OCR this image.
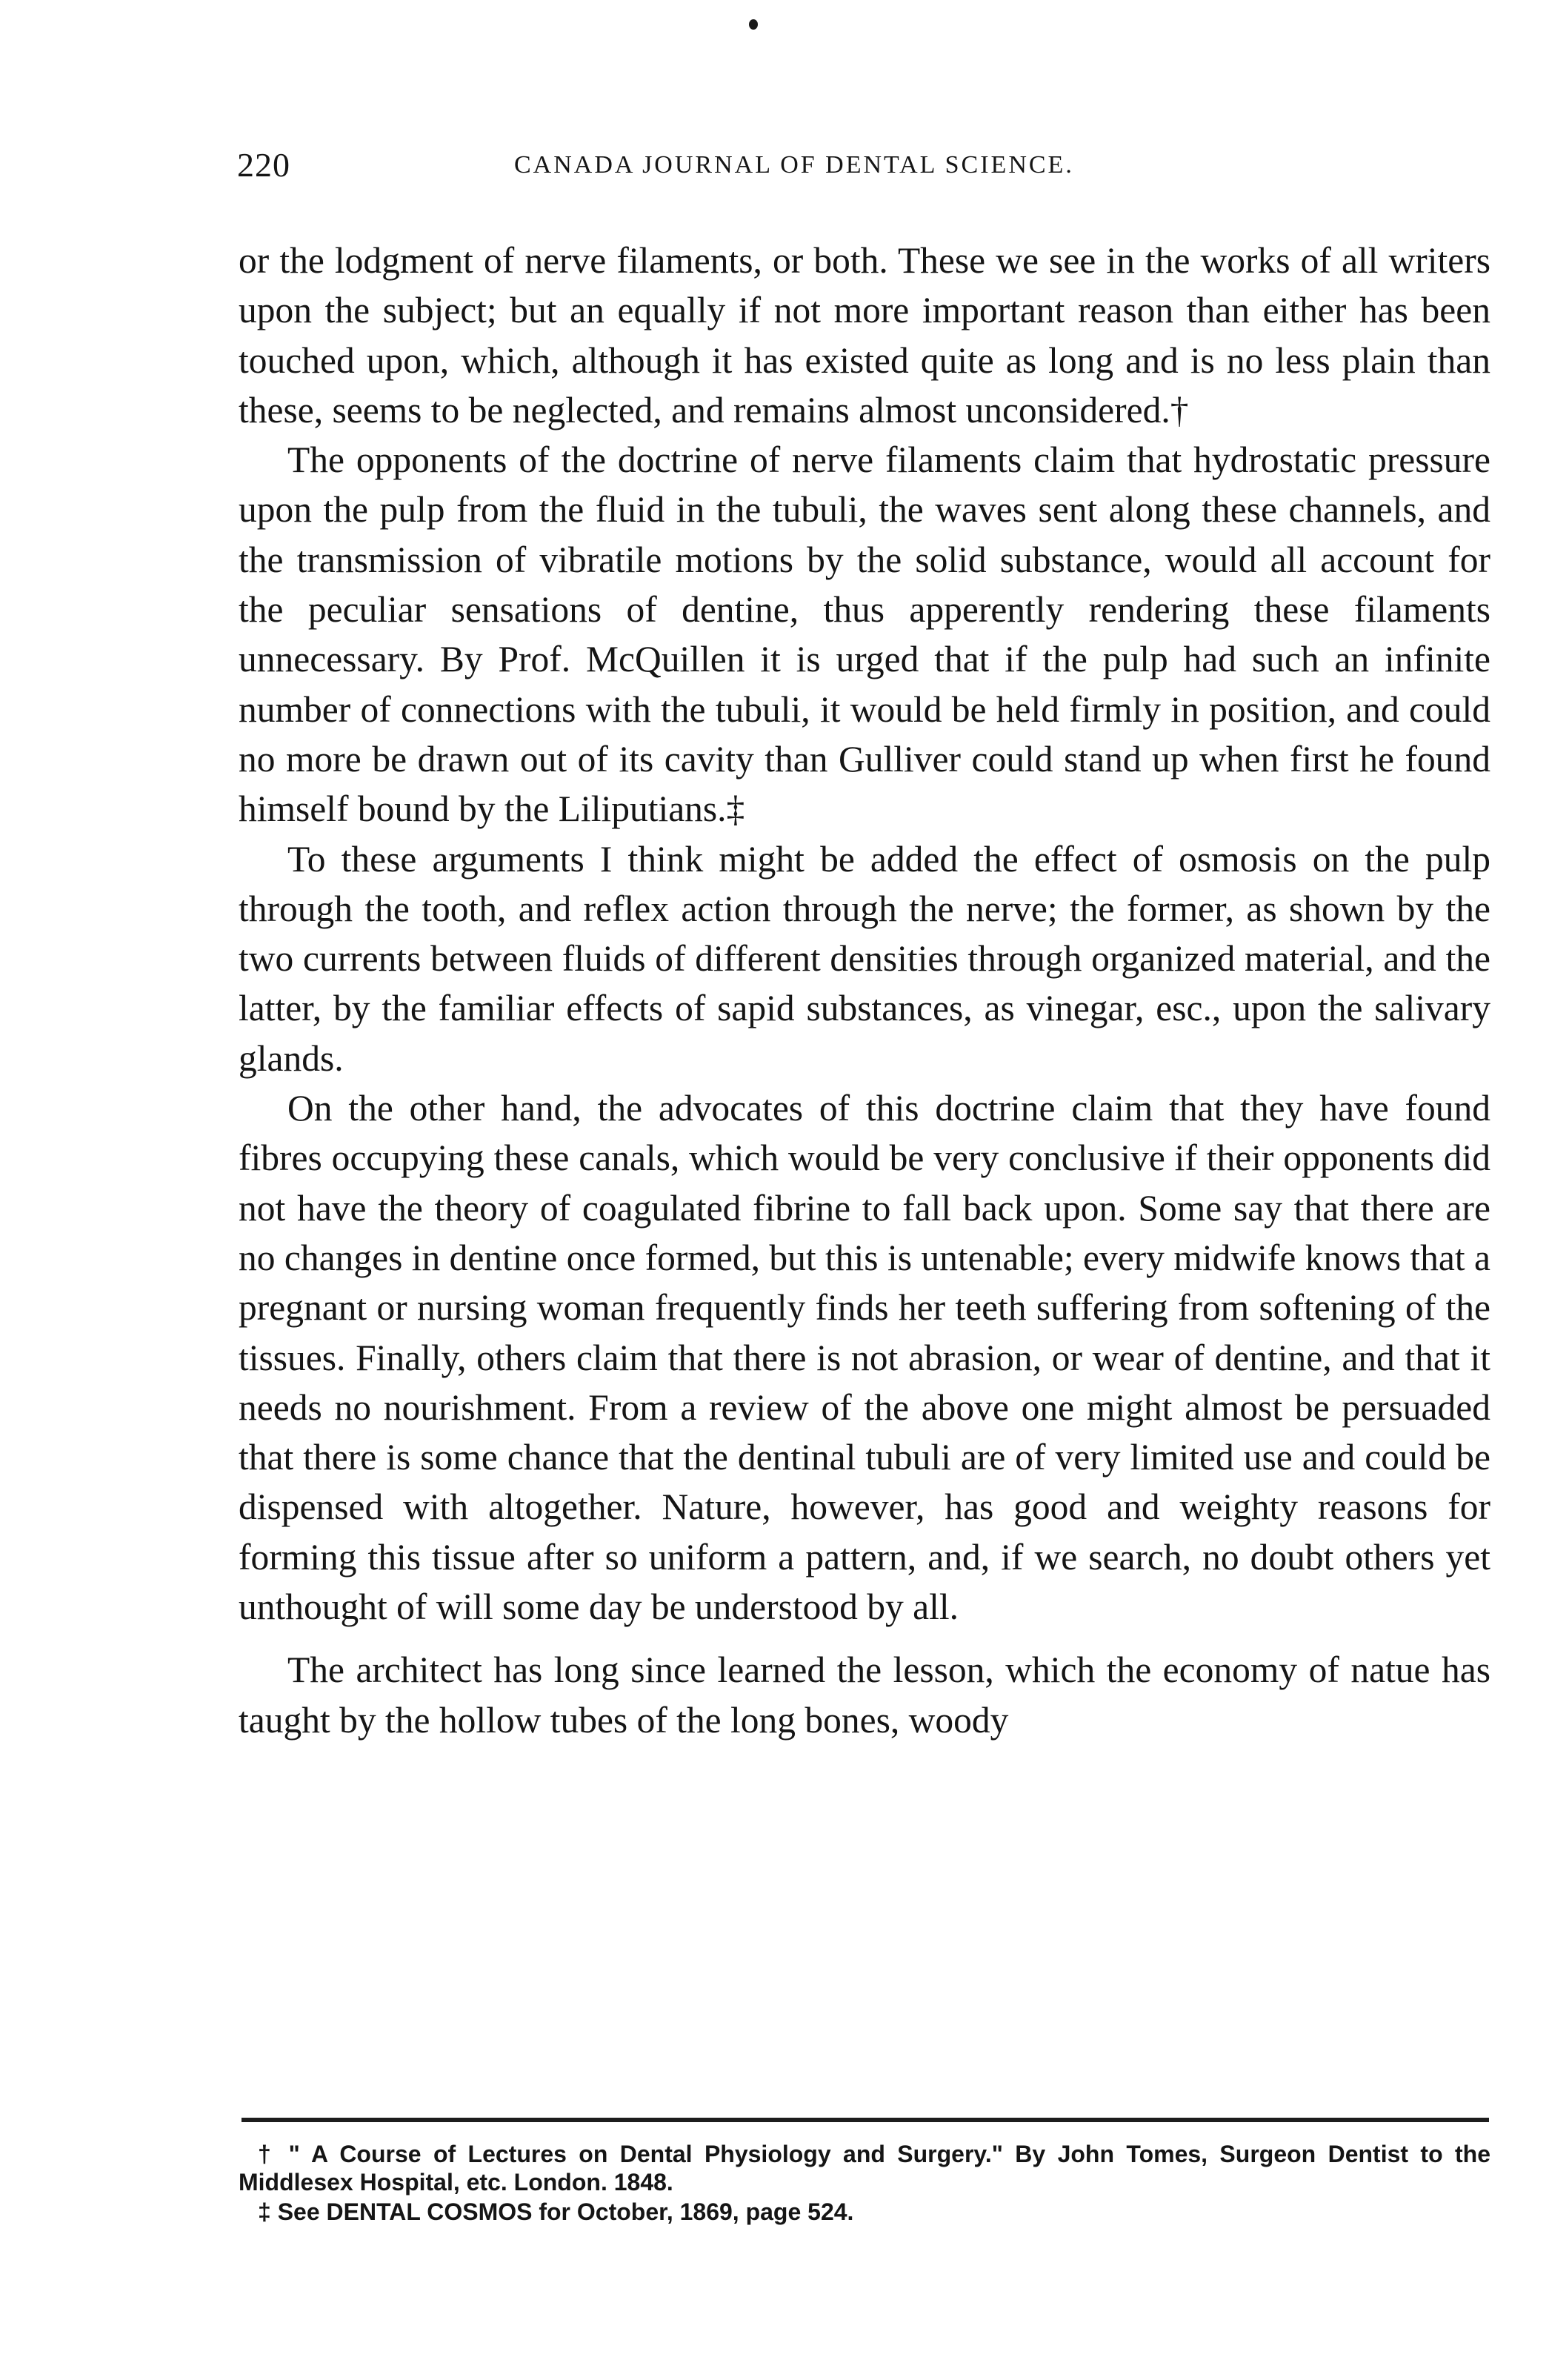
220	CANADA JOURNAL OF DENTAL SCIENCE.

or the lodgment of nerve filaments, or both. These we see in the works of all writers upon the subject; but an equally if not more important reason than either has been touched upon, which, although it has existed quite as long and is no less plain than these, seems to be neglected, and remains almost unconsidered.†

The opponents of the doctrine of nerve filaments claim that hydrostatic pressure upon the pulp from the fluid in the tubuli, the waves sent along these channels, and the transmission of vibratile motions by the solid substance, would all account for the peculiar sensations of dentine, thus apperently rendering these filaments unnecessary. By Prof. McQuillen it is urged that if the pulp had such an infinite number of connections with the tubuli, it would be held firmly in position, and could no more be drawn out of its cavity than Gulliver could stand up when first he found himself bound by the Liliputians.‡

To these arguments I think might be added the effect of osmosis on the pulp through the tooth, and reflex action through the nerve; the former, as shown by the two currents between fluids of different densities through organized material, and the latter, by the familiar effects of sapid substances, as vinegar, esc., upon the salivary glands.

On the other hand, the advocates of this doctrine claim that they have found fibres occupying these canals, which would be very conclusive if their opponents did not have the theory of coagulated fibrine to fall back upon. Some say that there are no changes in dentine once formed, but this is untenable; every midwife knows that a pregnant or nursing woman frequently finds her teeth suffering from softening of the tissues. Finally, others claim that there is not abrasion, or wear of dentine, and that it needs no nourishment. From a review of the above one might almost be persuaded that there is some chance that the dentinal tubuli are of very limited use and could be dispensed with altogether. Nature, however, has good and weighty reasons for forming this tissue after so uniform a pattern, and, if we search, no doubt others yet unthought of will some day be understood by all.

The architect has long since learned the lesson, which the economy of natue has taught by the hollow tubes of the long bones, woody

† " A Course of Lectures on Dental Physiology and Surgery." By John Tomes, Surgeon Dentist to the Middlesex Hospital, etc. London. 1848.

‡ See DENTAL COSMOS for October, 1869, page 524.
